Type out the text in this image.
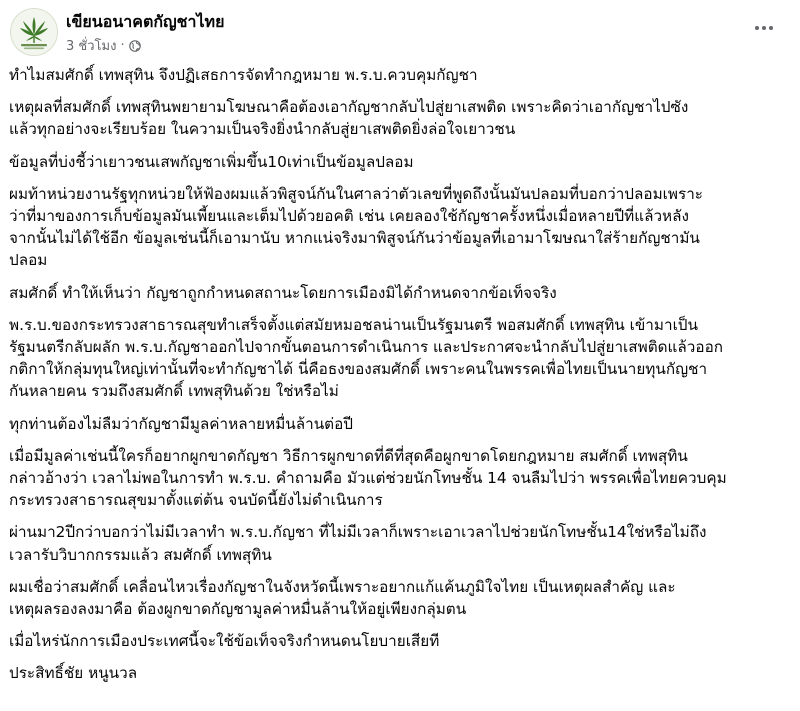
เขียนอนาคตกัญชาไทย
3 ชั่วโมง ·

ทำไมสมศักดิ์ เทพสุทิน จึงปฏิเสธการจัดทำกฎหมาย พ.ร.บ.ควบคุมกัญชา

เหตุผลที่สมศักดิ์ เทพสุทินพยายามโฆษณาคือต้องเอากัญชากลับไปสู่ยาเสพติด เพราะคิดว่าเอากัญชาไปซัง
แล้วทุกอย่างจะเรียบร้อย ในความเป็นจริงยิ่งนำกลับสู่ยาเสพติดยิ่งล่อใจเยาวชน

ข้อมูลที่บ่งชี้ว่าเยาวชนเสพกัญชาเพิ่มขึ้น10เท่าเป็นข้อมูลปลอม

ผมท้าหน่วยงานรัฐทุกหน่วยให้ฟ้องผมแล้วพิสูจน์กันในศาลว่าตัวเลขที่พูดถึงนั้นมันปลอมที่บอกว่าปลอมเพราะ
ว่าที่มาของการเก็บข้อมูลมันเพี้ยนและเต็มไปด้วยอคติ เช่น เคยลองใช้กัญชาครั้งหนึ่งเมื่อหลายปีที่แล้วหลัง
จากนั้นไม่ได้ใช้อีก ข้อมูลเช่นนี้ก็เอามานับ หากแน่จริงมาพิสูจน์กันว่าข้อมูลที่เอามาโฆษณาใส่ร้ายกัญชามัน
ปลอม

สมศักดิ์ ทำให้เห็นว่า กัญชาถูกกำหนดสถานะโดยการเมืองมิได้กำหนดจากข้อเท็จจริง

พ.ร.บ.ของกระทรวงสาธารณสุขทำเสร็จตั้งแต่สมัยหมอชลน่านเป็นรัฐมนตรี พอสมศักดิ์ เทพสุทิน เข้ามาเป็น
รัฐมนตรีกลับผลัก พ.ร.บ.กัญชาออกไปจากขั้นตอนการดำเนินการ และประกาศจะนำกลับไปสู่ยาเสพติดแล้วออก
กติกาให้กลุ่มทุนใหญ่เท่านั้นที่จะทำกัญชาได้ นี่คือธงของสมศักดิ์ เพราะคนในพรรคเพื่อไทยเป็นนายทุนกัญชา
กันหลายคน รวมถึงสมศักดิ์ เทพสุทินด้วย ใช่หรือไม่

ทุกท่านต้องไม่ลืมว่ากัญชามีมูลค่าหลายหมื่นล้านต่อปี

เมื่อมีมูลค่าเช่นนี้ใครก็อยากผูกขาดกัญชา วิธีการผูกขาดที่ดีที่สุดคือผูกขาดโดยกฎหมาย สมศักดิ์ เทพสุทิน
กล่าวอ้างว่า เวลาไม่พอในการทำ พ.ร.บ. คำถามคือ มัวแต่ช่วยนักโทษชั้น 14 จนลืมไปว่า พรรคเพื่อไทยควบคุม
กระทรวงสาธารณสุขมาตั้งแต่ต้น จนบัดนี้ยังไม่ดำเนินการ

ผ่านมา2ปีกว่าบอกว่าไม่มีเวลาทำ พ.ร.บ.กัญชา ที่ไม่มีเวลาก็เพราะเอาเวลาไปช่วยนักโทษชั้น14ใช่หรือไม่ถึง
เวลารับวิบากกรรมแล้ว สมศักดิ์ เทพสุทิน

ผมเชื่อว่าสมศักดิ์ เคลื่อนไหวเรื่องกัญชาในจังหวัดนี้เพราะอยากแก้แค้นภูมิใจไทย เป็นเหตุผลสำคัญ และ
เหตุผลรองลงมาคือ ต้องผูกขาดกัญชามูลค่าหมื่นล้านให้อยู่เพียงกลุ่มตน

เมื่อไหร่นักการเมืองประเทศนี้จะใช้ข้อเท็จจริงกำหนดนโยบายเสียที

ประสิทธิ์ชัย หนูนวล
